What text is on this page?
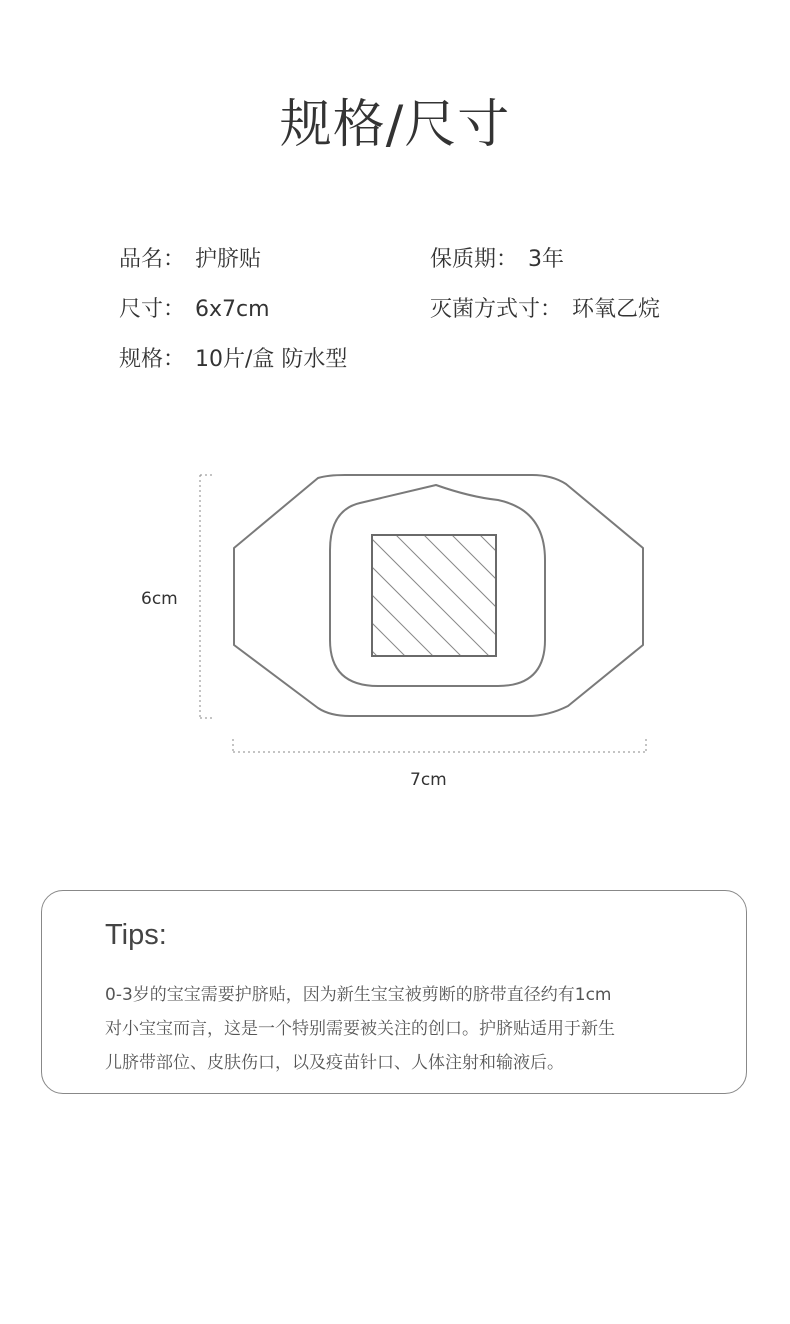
规格/尺寸
品名： 护脐贴	保质期： 3年
尺寸： 6x7cm	灭菌方式寸： 环氧乙烷
规格： 10片/盒 防水型
6cm
7cm
Tips:
0-3岁的宝宝需要护脐贴，因为新生宝宝被剪断的脐带直径约有1cm
对小宝宝而言，这是一个特别需要被关注的创口。护脐贴适用于新生
儿脐带部位、皮肤伤口，以及疫苗针口、人体注射和输液后。
